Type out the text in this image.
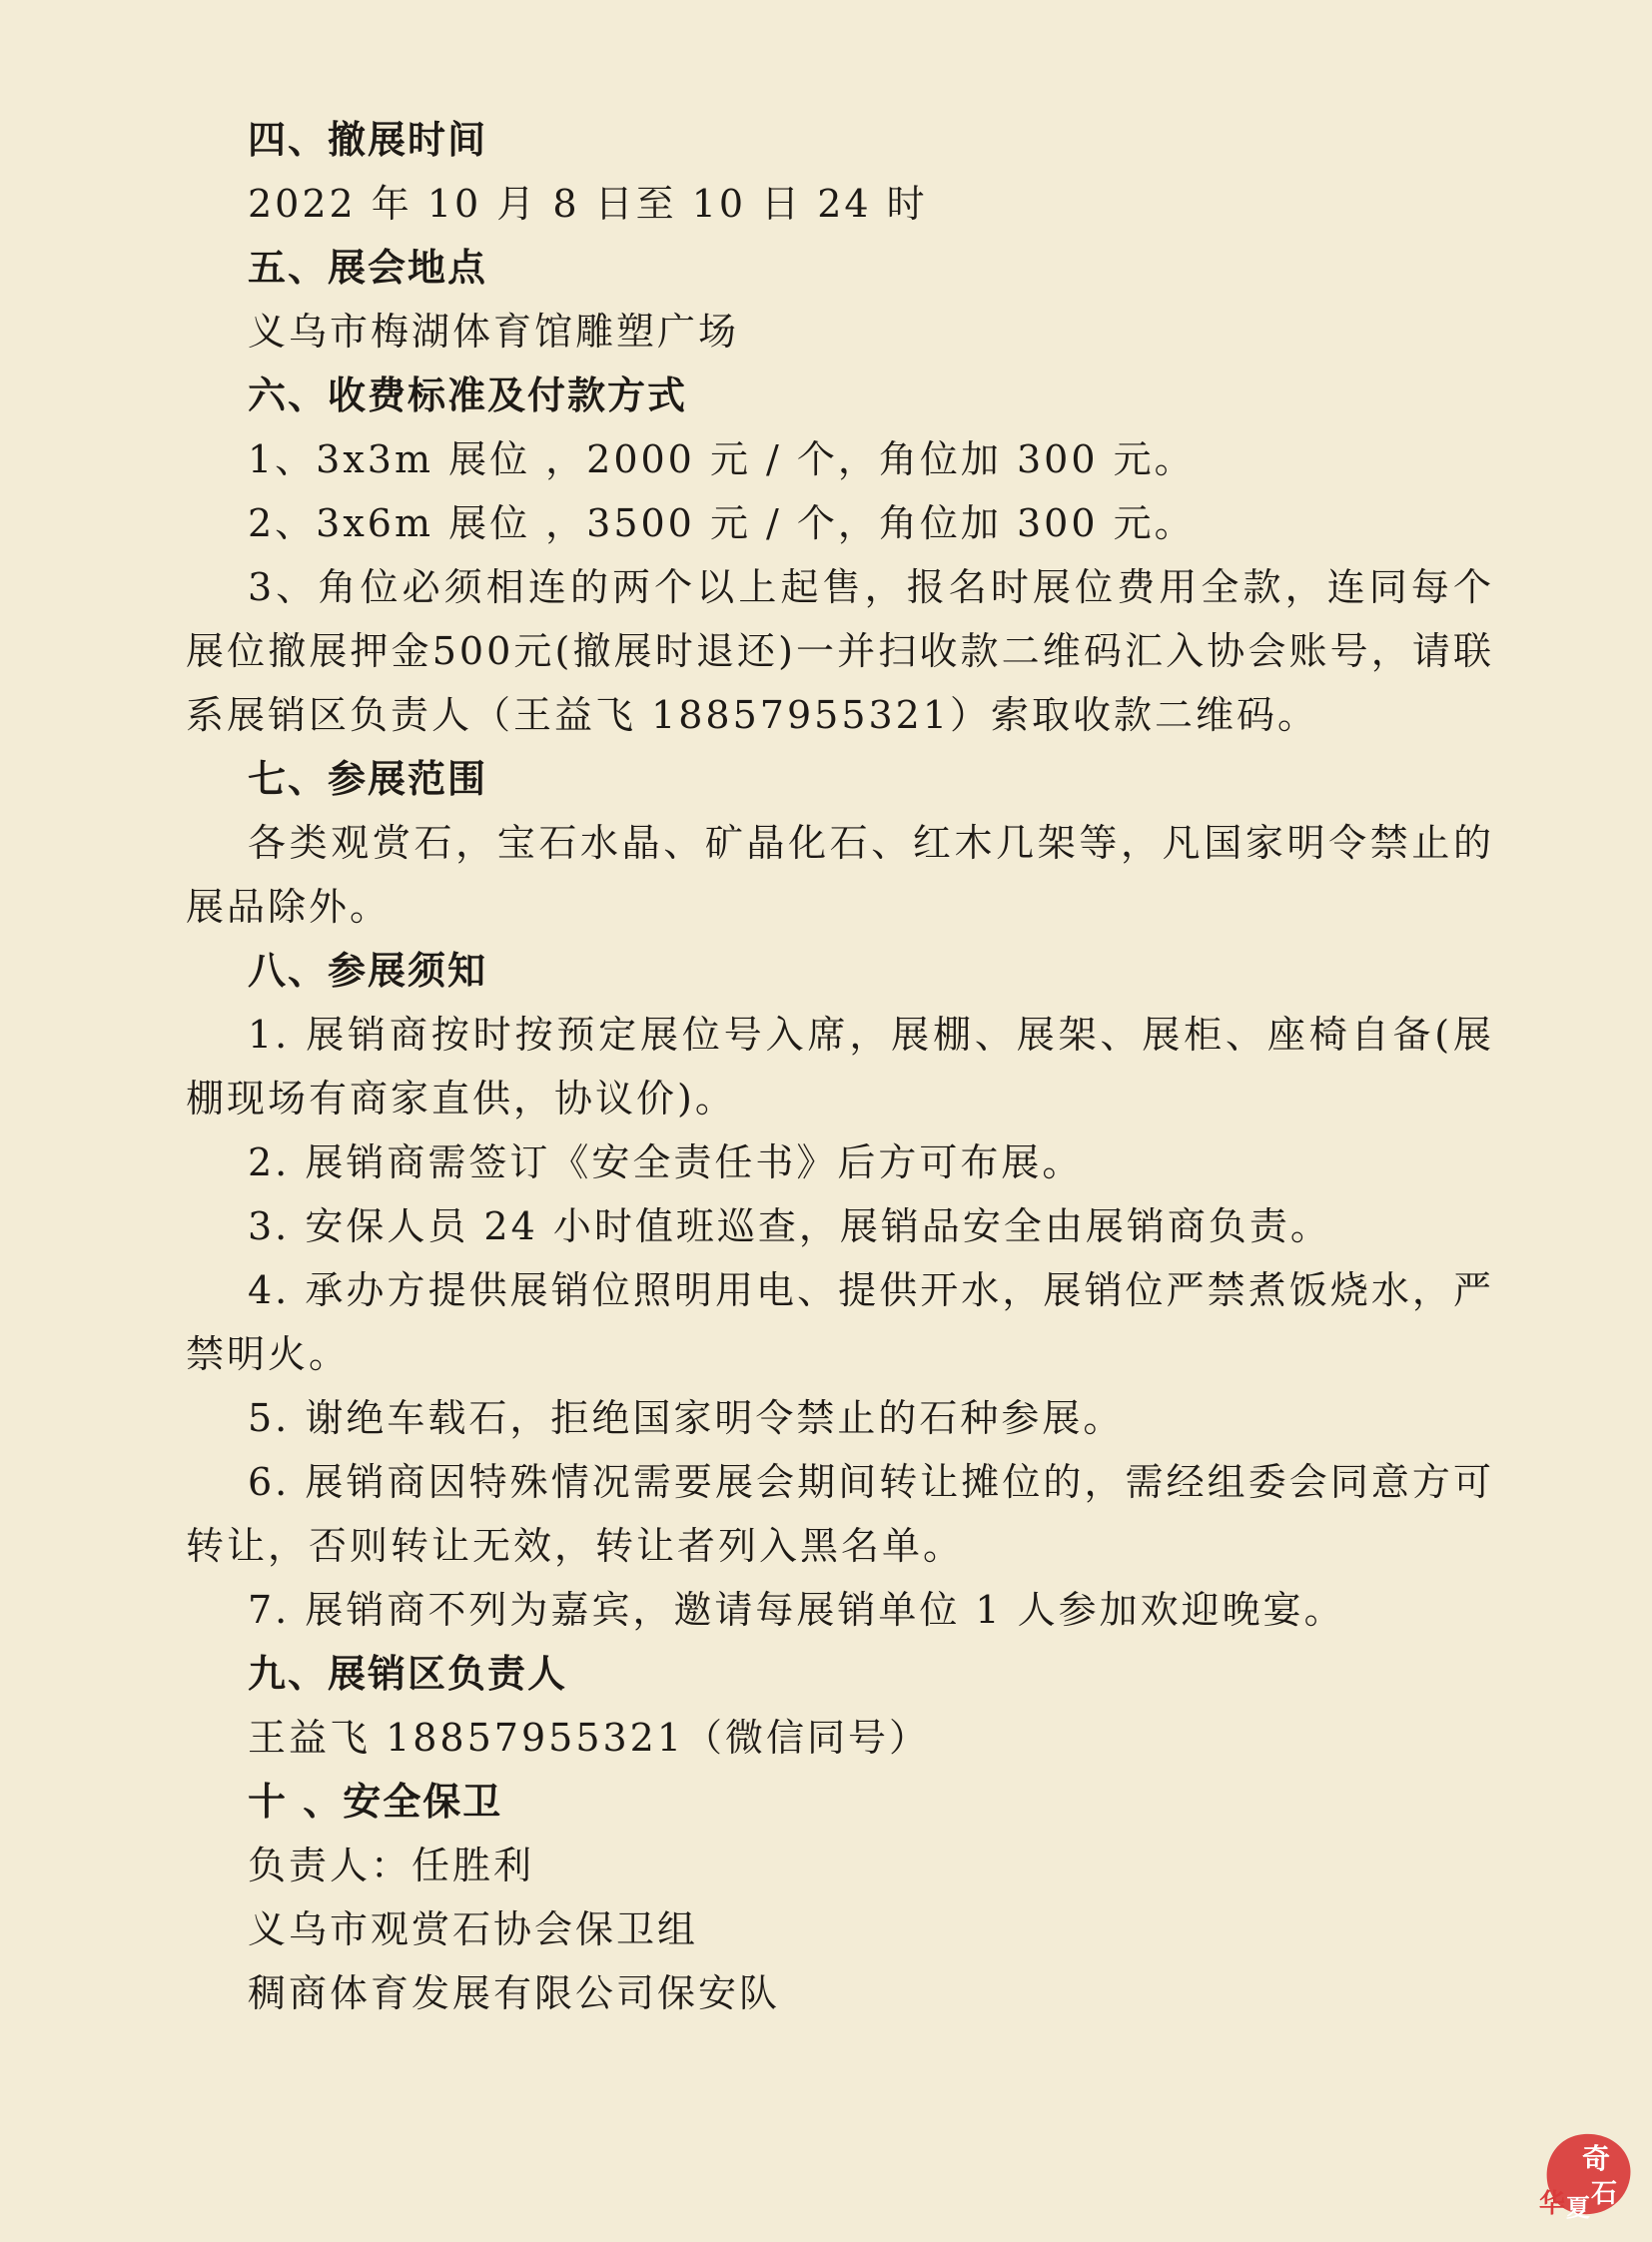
四、撤展时间

2022 年 10 月 8 日至 10 日 24 时

五、展会地点

义乌市梅湖体育馆雕塑广场

六、收费标准及付款方式

1、3x3m 展位 ，2000 元 / 个，角位加 300 元。

2、3x6m 展位 ，3500 元 / 个，角位加 300 元。

3、角位必须相连的两个以上起售，报名时展位费用全款，连同每个展位撤展押金500元(撤展时退还)一并扫收款二维码汇入协会账号，请联系展销区负责人（王益飞 18857955321）索取收款二维码。

七、参展范围

各类观赏石，宝石水晶、矿晶化石、红木几架等，凡国家明令禁止的展品除外。

八、参展须知

1. 展销商按时按预定展位号入席，展棚、展架、展柜、座椅自备(展棚现场有商家直供，协议价)。

2. 展销商需签订《安全责任书》后方可布展。

3. 安保人员 24 小时值班巡查，展销品安全由展销商负责。

4. 承办方提供展销位照明用电、提供开水，展销位严禁煮饭烧水，严禁明火。

5. 谢绝车载石，拒绝国家明令禁止的石种参展。

6. 展销商因特殊情况需要展会期间转让摊位的，需经组委会同意方可转让，否则转让无效，转让者列入黑名单。

7. 展销商不列为嘉宾，邀请每展销单位 1 人参加欢迎晚宴。

九、展销区负责人

王益飞 18857955321（微信同号）

十 、安全保卫

负责人：任胜利

义乌市观赏石协会保卫组

稠商体育发展有限公司保安队

奇
石
华 夏
